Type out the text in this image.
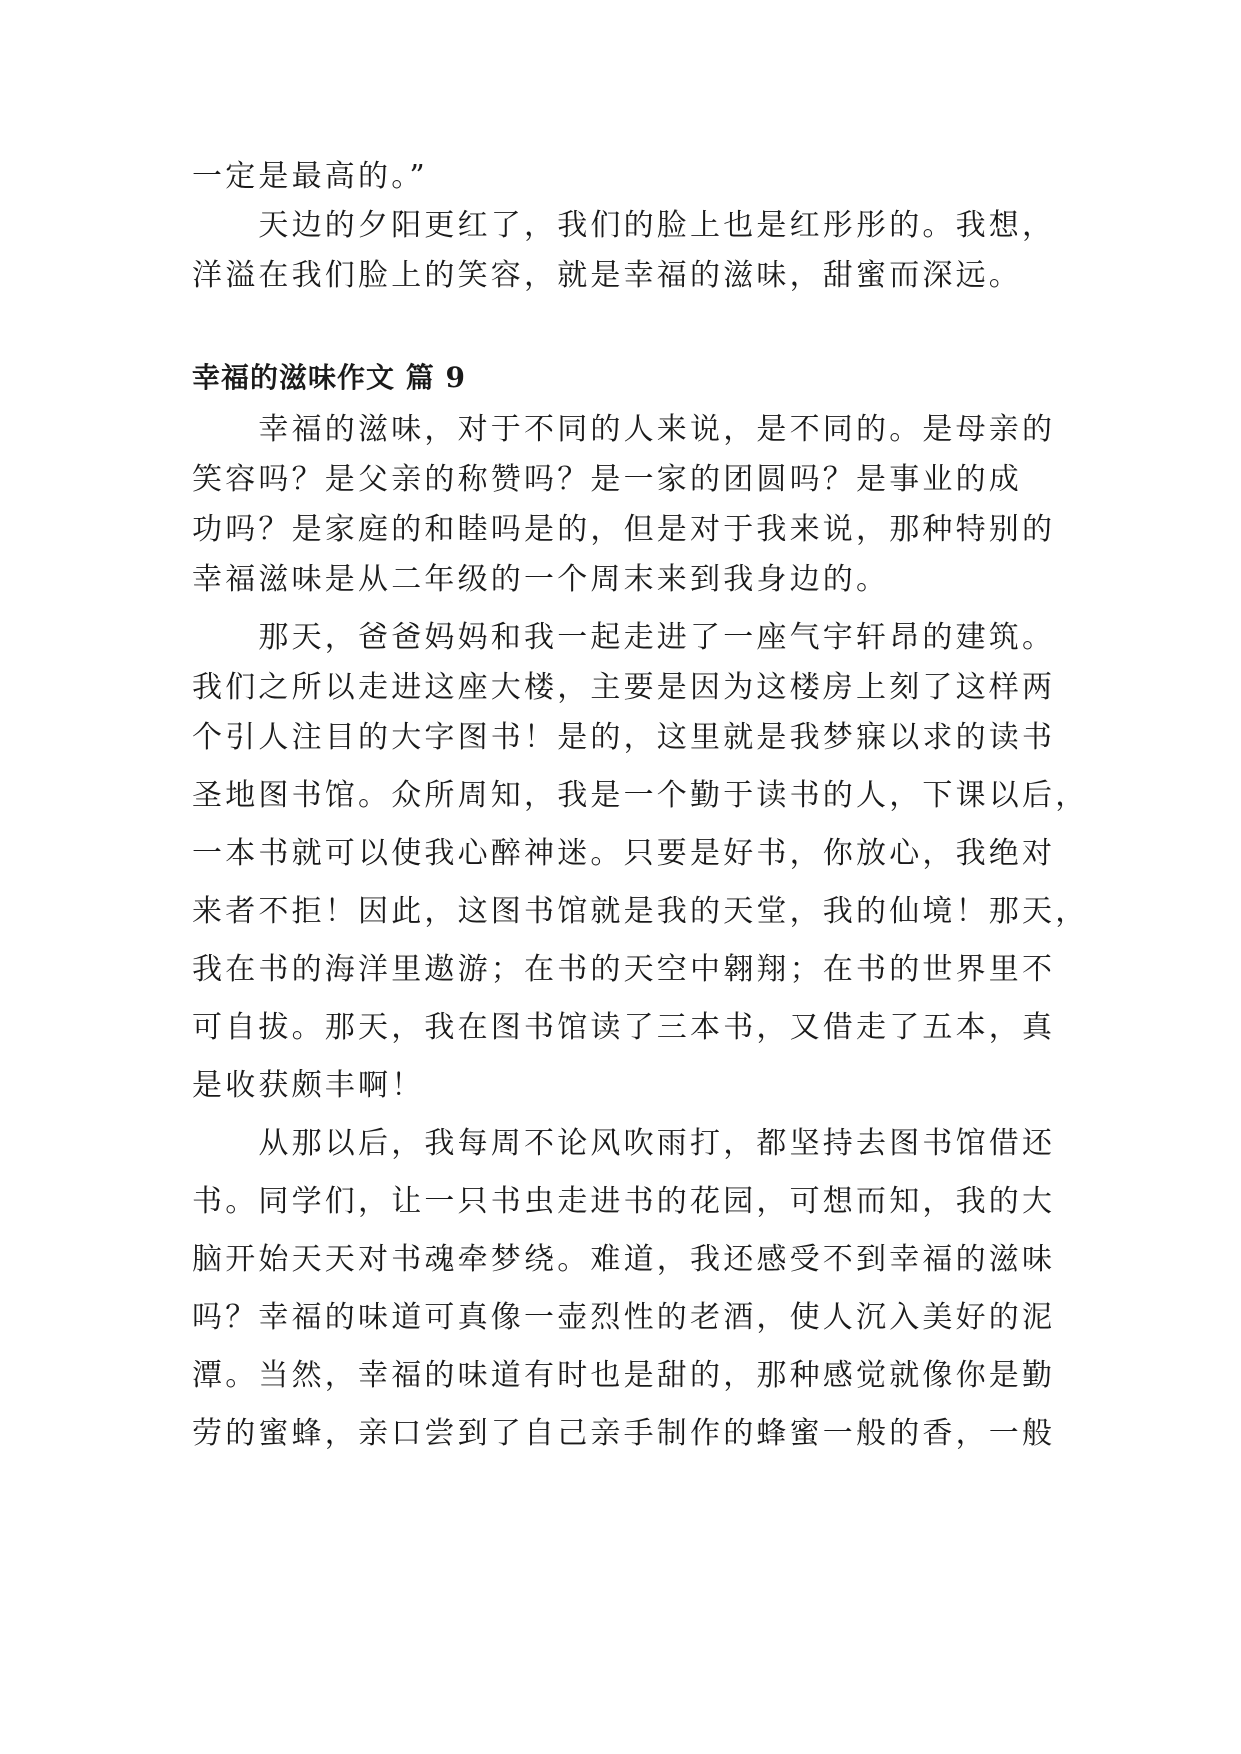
一定是最高的。”

　　天边的夕阳更红了，我们的脸上也是红彤彤的。我想，

洋溢在我们脸上的笑容，就是幸福的滋味，甜蜜而深远。

幸福的滋味作文 篇 9

　　幸福的滋味，对于不同的人来说，是不同的。是母亲的

笑容吗？是父亲的称赞吗？是一家的团圆吗？是事业的成

功吗？是家庭的和睦吗是的，但是对于我来说，那种特别的

幸福滋味是从二年级的一个周末来到我身边的。

　　那天，爸爸妈妈和我一起走进了一座气宇轩昂的建筑。

我们之所以走进这座大楼，主要是因为这楼房上刻了这样两

个引人注目的大字图书！是的，这里就是我梦寐以求的读书

圣地图书馆。众所周知，我是一个勤于读书的人，下课以后，

一本书就可以使我心醉神迷。只要是好书，你放心，我绝对

来者不拒！因此，这图书馆就是我的天堂，我的仙境！那天，

我在书的海洋里遨游；在书的天空中翱翔；在书的世界里不

可自拔。那天，我在图书馆读了三本书，又借走了五本，真

是收获颇丰啊！

　　从那以后，我每周不论风吹雨打，都坚持去图书馆借还

书。同学们，让一只书虫走进书的花园，可想而知，我的大

脑开始天天对书魂牵梦绕。难道，我还感受不到幸福的滋味

吗？幸福的味道可真像一壶烈性的老酒，使人沉入美好的泥

潭。当然，幸福的味道有时也是甜的，那种感觉就像你是勤

劳的蜜蜂，亲口尝到了自己亲手制作的蜂蜜一般的香，一般
